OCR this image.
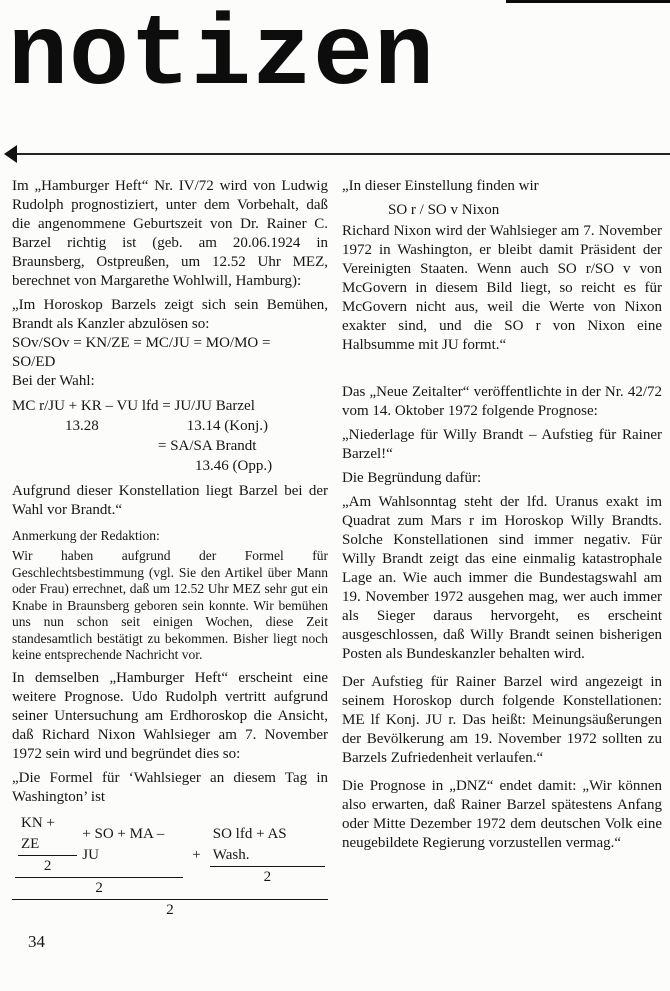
notizen

Im „Hamburger Heft“ Nr. IV/72 wird von Ludwig Rudolph prognostiziert, unter dem Vorbehalt, daß die angenommene Geburtszeit von Dr. Rainer C. Barzel richtig ist (geb. am 20.06.1924 in Braunsberg, Ostpreußen, um 12.52 Uhr MEZ, berechnet von Margarethe Wohlwill, Hamburg):

„Im Horoskop Barzels zeigt sich sein Bemühen, Brandt als Kanzler abzulösen so:

SOv/SOv = KN/ZE = MC/JU = MO/MO =
SO/ED

Bei der Wahl:

MC r/JU + KR – VU lfd = JU/JU Barzel
13.28	13.14 (Konj.)
= SA/SA Brandt
13.46 (Opp.)

Aufgrund dieser Konstellation liegt Barzel bei der Wahl vor Brandt.“

Anmerkung der Redaktion:

Wir haben aufgrund der Formel für Geschlechtsbestimmung (vgl. Sie den Artikel über Mann oder Frau) errechnet, daß um 12.52 Uhr MEZ sehr gut ein Knabe in Braunsberg geboren sein konnte. Wir bemühen uns nun schon seit einigen Wochen, diese Zeit standesamtlich bestätigt zu bekommen. Bisher liegt noch keine entsprechende Nachricht vor.

In demselben „Hamburger Heft“ erscheint eine weitere Prognose. Udo Rudolph vertritt aufgrund seiner Untersuchung am Erdhoroskop die Ansicht, daß Richard Nixon Wahlsieger am 7. November 1972 sein wird und begründet dies so:

„Die Formel für ‘Wahlsieger an diesem Tag in Washington’ ist

$\frac{KN + ZE}{2}$ + SO + MA – JU
2
+ $\frac{\text{SO lfd + AS Wash.}}{2}$
2

„In dieser Einstellung finden wir

SO r / SO v Nixon

Richard Nixon wird der Wahlsieger am 7. November 1972 in Washington, er bleibt damit Präsident der Vereinigten Staaten. Wenn auch SO r/SO v von McGovern in diesem Bild liegt, so reicht es für McGovern nicht aus, weil die Werte von Nixon exakter sind, und die SO r von Nixon eine Halbsumme mit JU formt.“

Das „Neue Zeitalter“ veröffentlichte in der Nr. 42/72 vom 14. Oktober 1972 folgende Prognose:

„Niederlage für Willy Brandt – Aufstieg für Rainer Barzel!“

Die Begründung dafür:

„Am Wahlsonntag steht der lfd. Uranus exakt im Quadrat zum Mars r im Horoskop Willy Brandts. Solche Konstellationen sind immer negativ. Für Willy Brandt zeigt das eine einmalig katastrophale Lage an. Wie auch immer die Bundestagswahl am 19. November 1972 ausgehen mag, wer auch immer als Sieger daraus hervorgeht, es erscheint ausgeschlossen, daß Willy Brandt seinen bisherigen Posten als Bundeskanzler behalten wird.

Der Aufstieg für Rainer Barzel wird angezeigt in seinem Horoskop durch folgende Konstellationen: ME lf Konj. JU r. Das heißt: Meinungsäußerungen der Bevölkerung am 19. November 1972 sollten zu Barzels Zufriedenheit verlaufen.“

Die Prognose in „DNZ“ endet damit: „Wir können also erwarten, daß Rainer Barzel spätestens Anfang oder Mitte Dezember 1972 dem deutschen Volk eine neugebildete Regierung vorzustellen vermag.“

34
